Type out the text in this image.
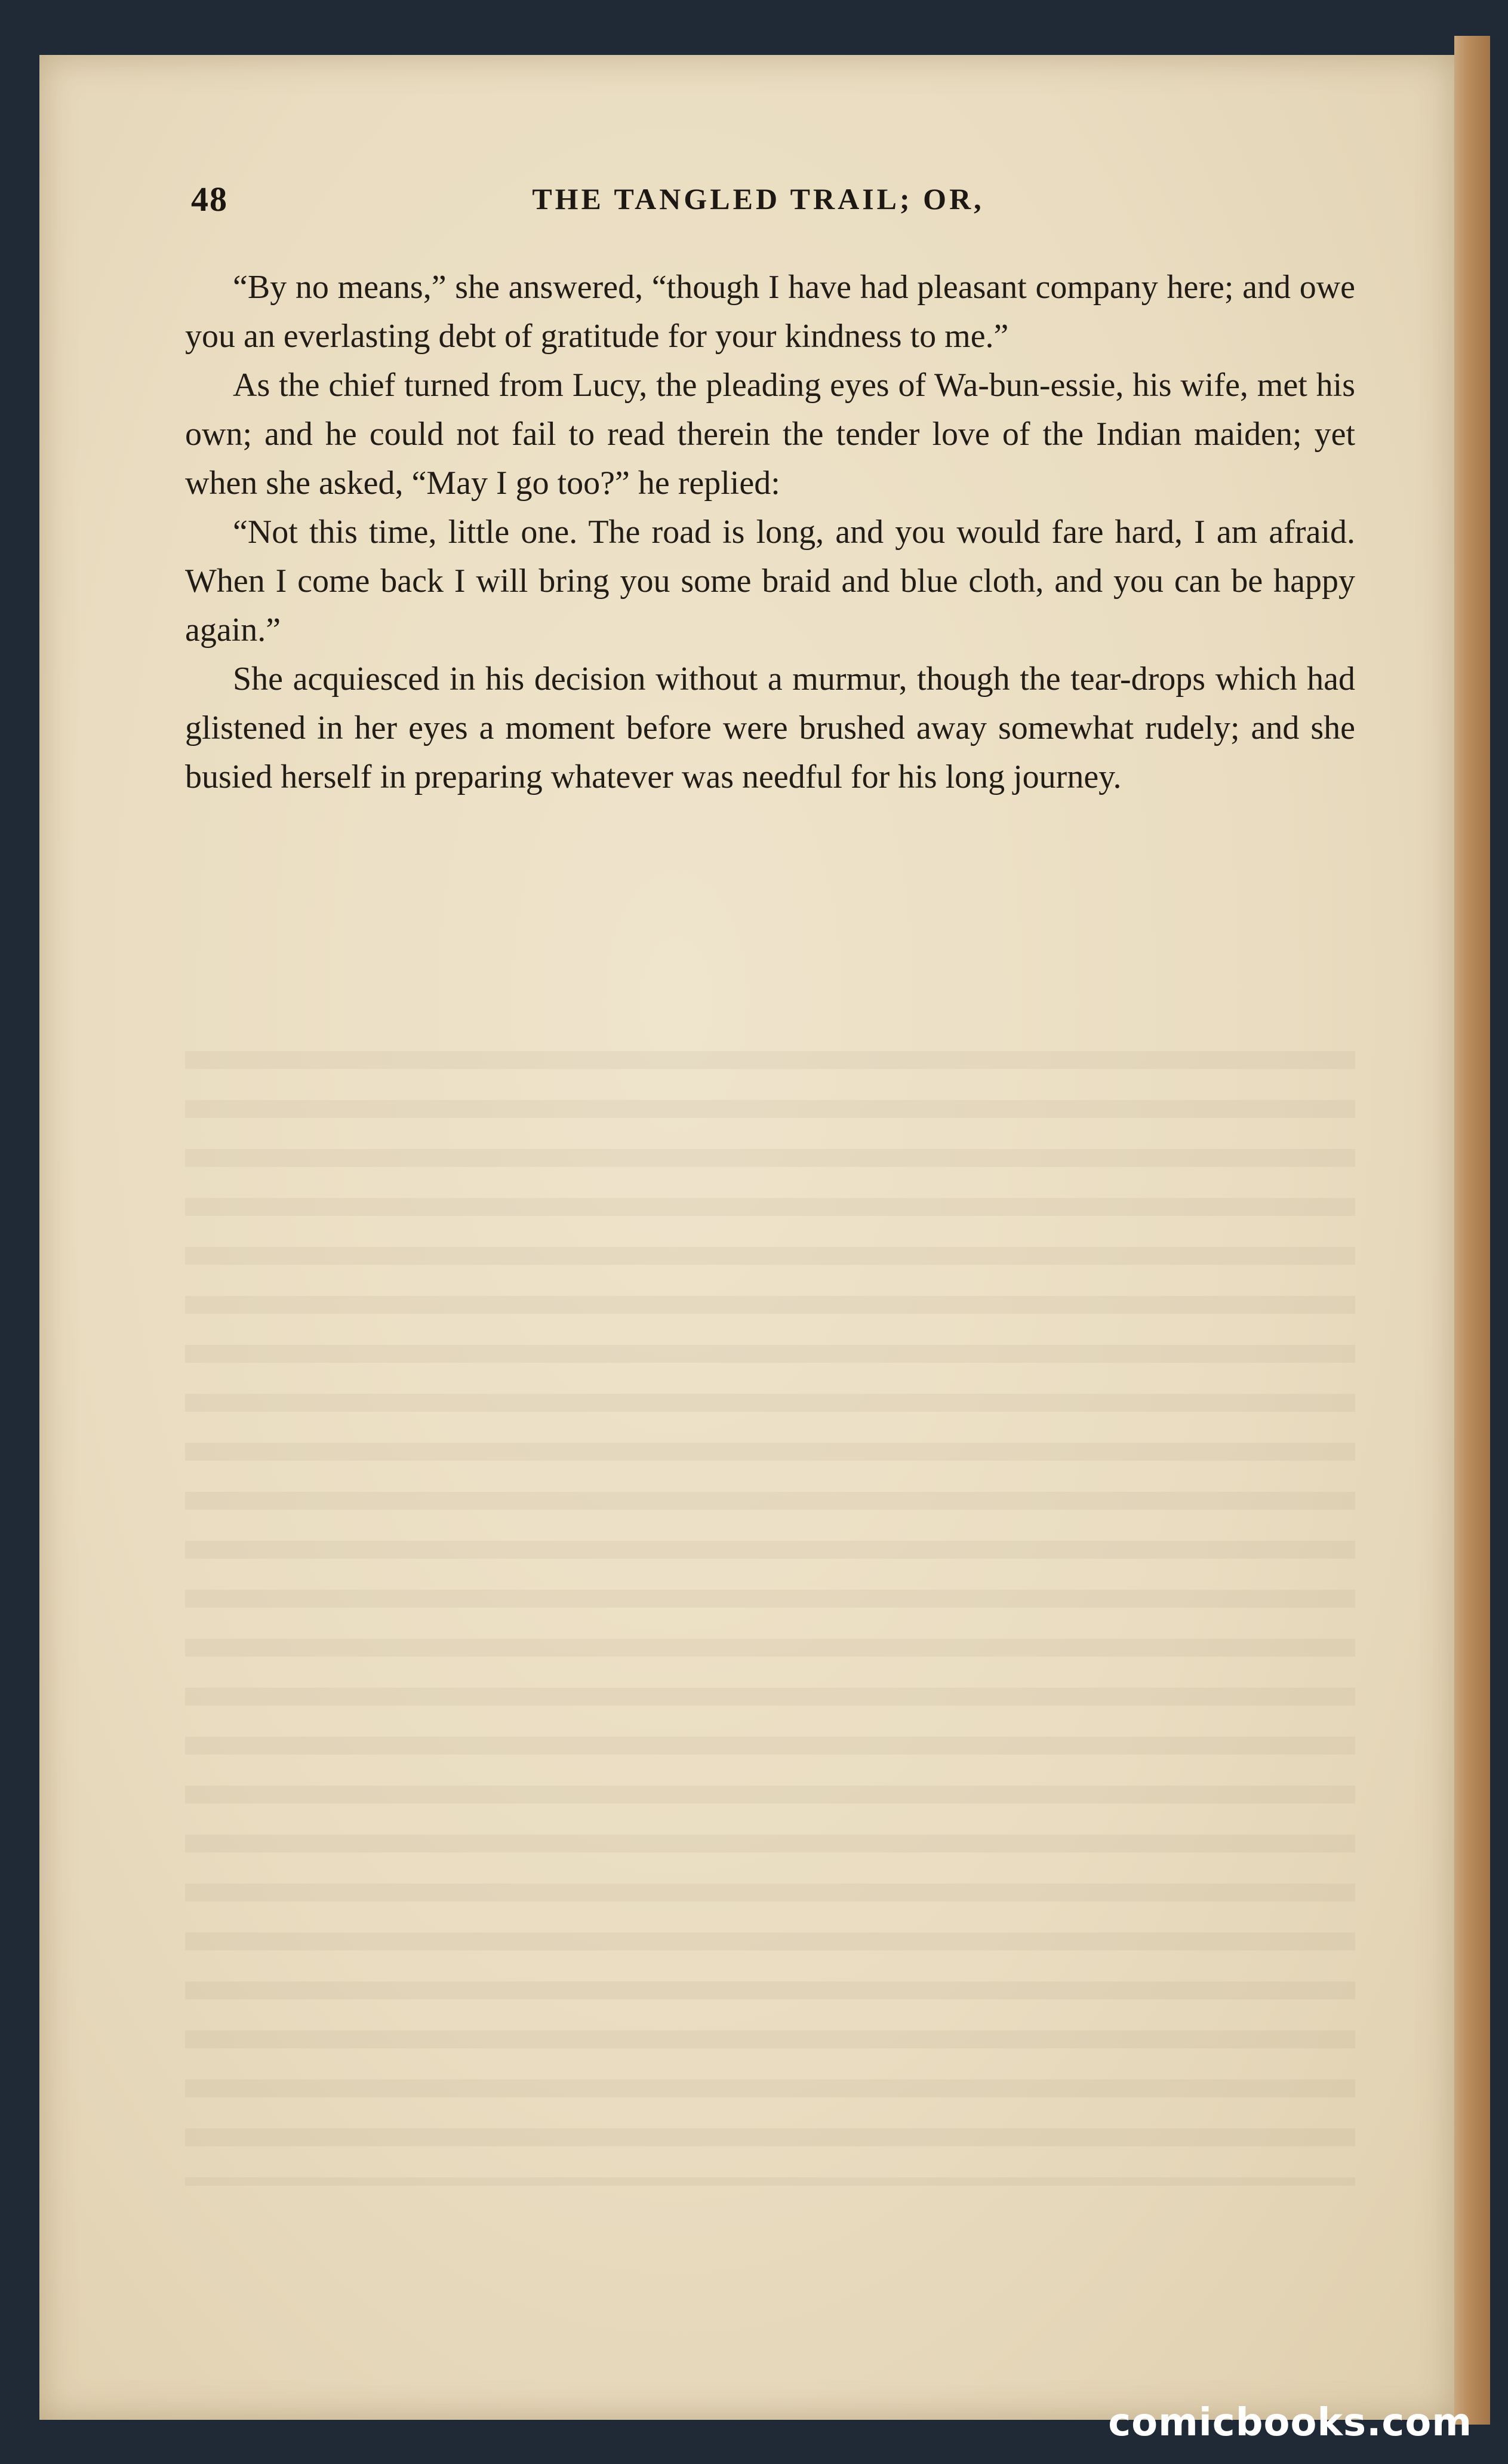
48	THE TANGLED TRAIL; OR,

“By no means,” she answered, “though I have had pleasant company here; and owe you an everlasting debt of gratitude for your kindness to me.”

As the chief turned from Lucy, the pleading eyes of Wa-bun-essie, his wife, met his own; and he could not fail to read therein the tender love of the Indian maiden; yet when she asked, “May I go too?” he replied:

“Not this time, little one. The road is long, and you would fare hard, I am afraid. When I come back I will bring you some braid and blue cloth, and you can be happy again.”

She acquiesced in his decision without a murmur, though the tear-drops which had glistened in her eyes a moment before were brushed away somewhat rudely; and she busied herself in preparing whatever was needful for his long journey.

comicbooks.com
